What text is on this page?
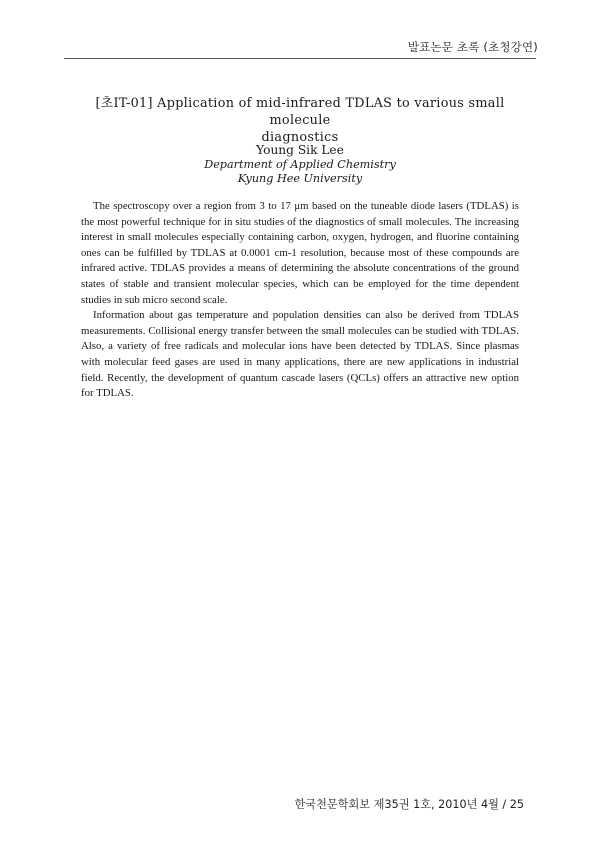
발표논문 초록 (초청강연)
[초IT-01] Application of mid-infrared TDLAS to various small molecule
diagnostics
Young Sik Lee
Department of Applied Chemistry
Kyung Hee University

The spectroscopy over a region from 3 to 17 μm based on the tuneable diode lasers (TDLAS) is the most powerful technique for in situ studies of the diagnostics of small molecules. The increasing interest in small molecules especially containing carbon, oxygen, hydrogen, and fluorine containing ones can be fulfilled by TDLAS at 0.0001 cm-1 resolution, because most of these compounds are infrared active. TDLAS provides a means of determining the absolute concentrations of the ground states of stable and transient molecular species, which can be employed for the time dependent studies in sub micro second scale.

Information about gas temperature and population densities can also be derived from TDLAS measurements. Collisional energy transfer between the small molecules can be studied with TDLAS. Also, a variety of free radicals and molecular ions have been detected by TDLAS. Since plasmas with molecular feed gases are used in many applications, there are new applications in industrial field. Recently, the development of quantum cascade lasers (QCLs) offers an attractive new option for TDLAS.

한국천문학회보 제35권 1호, 2010년 4월 / 25
